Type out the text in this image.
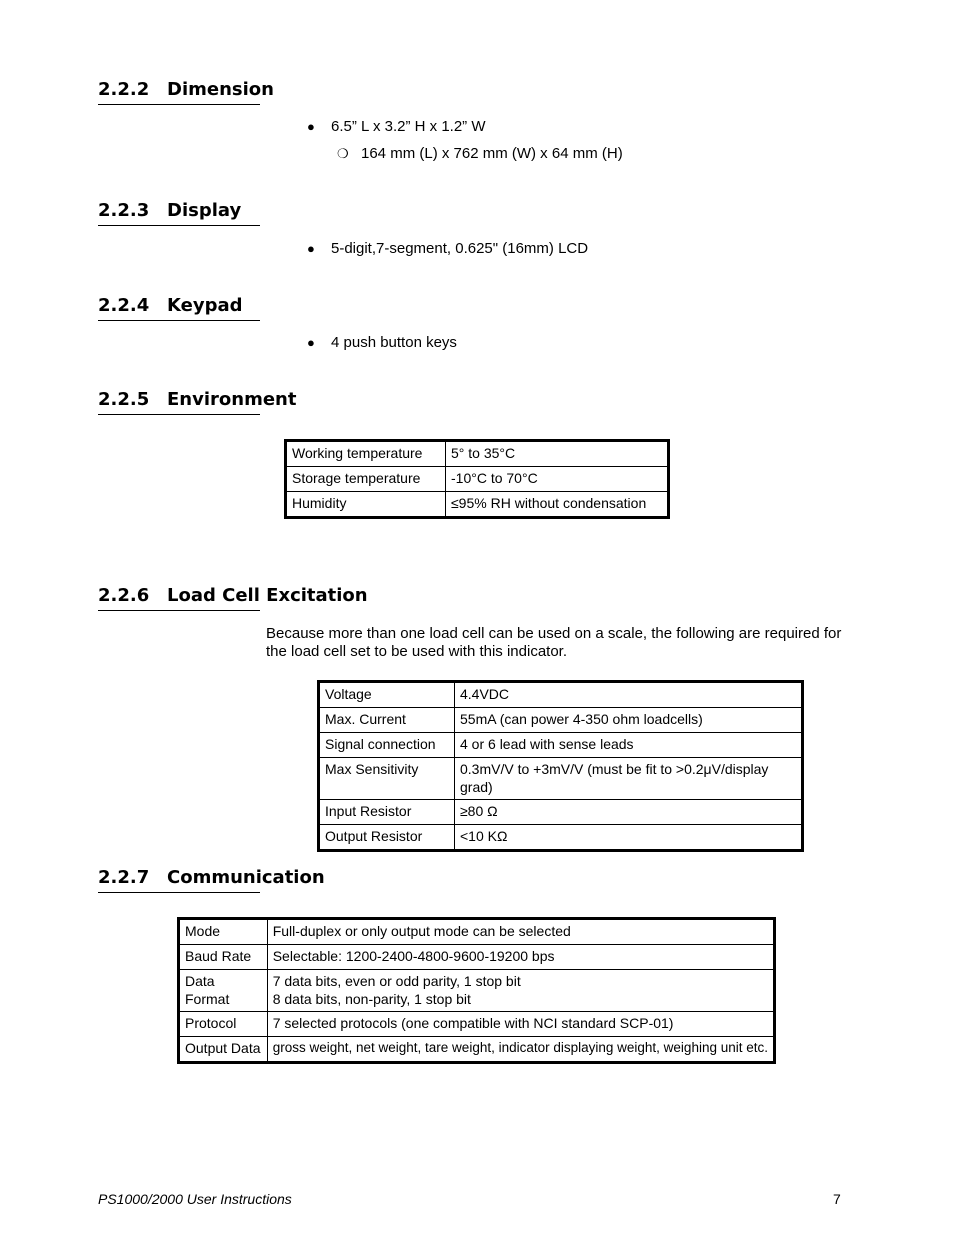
2.2.2 Dimension
● 6.5” L x 3.2” H x 1.2” W
❍ 164 mm (L) x 762 mm (W) x 64 mm (H)
2.2.3 Display
● 5-digit,7-segment, 0.625" (16mm) LCD
2.2.4 Keypad
● 4 push button keys
2.2.5 Environment
Working temperature	5° to 35°C
Storage temperature	-10°C to 70°C
Humidity	≤95% RH without condensation
2.2.6 Load Cell Excitation
Because more than one load cell can be used on a scale, the following are required for the load cell set to be used with this indicator.
Voltage	4.4VDC
Max. Current	55mA (can power 4-350 ohm loadcells)
Signal connection	4 or 6 lead with sense leads
Max Sensitivity	0.3mV/V to +3mV/V (must be fit to >0.2μV/display grad)
Input Resistor	≥80 Ω
Output Resistor	<10 KΩ
2.2.7 Communication
Mode	Full-duplex or only output mode can be selected
Baud Rate	Selectable: 1200-2400-4800-9600-19200 bps
Data Format	7 data bits, even or odd parity, 1 stop bit
8 data bits, non-parity, 1 stop bit
Protocol	7 selected protocols (one compatible with NCI standard SCP-01)
Output Data	gross weight, net weight, tare weight, indicator displaying weight, weighing unit etc.
PS1000/2000 User Instructions	7
